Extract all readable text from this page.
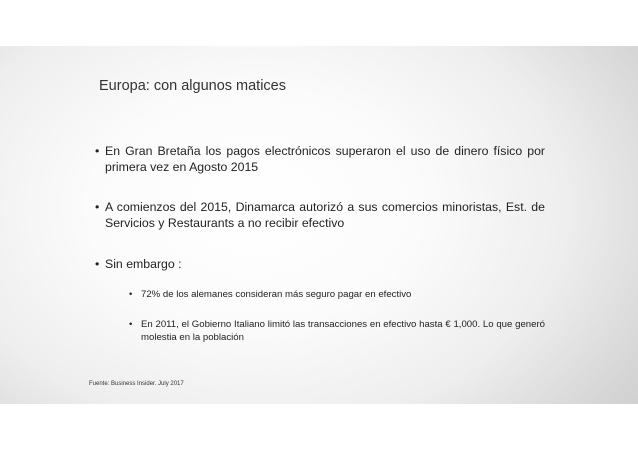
Europa: con algunos matices
• En Gran Bretaña los pagos electrónicos superaron el uso de dinero físico por primera vez en Agosto 2015
• A comienzos del 2015, Dinamarca autorizó a sus comercios minoristas, Est. de Servicios y Restaurants a no recibir efectivo
• Sin embargo :
• 72% de los alemanes consideran más seguro pagar en efectivo
• En 2011, el Gobierno Italiano limitó las transacciones en efectivo hasta € 1,000. Lo que generó molestia en la población
Fuente: Business Insider. July 2017
